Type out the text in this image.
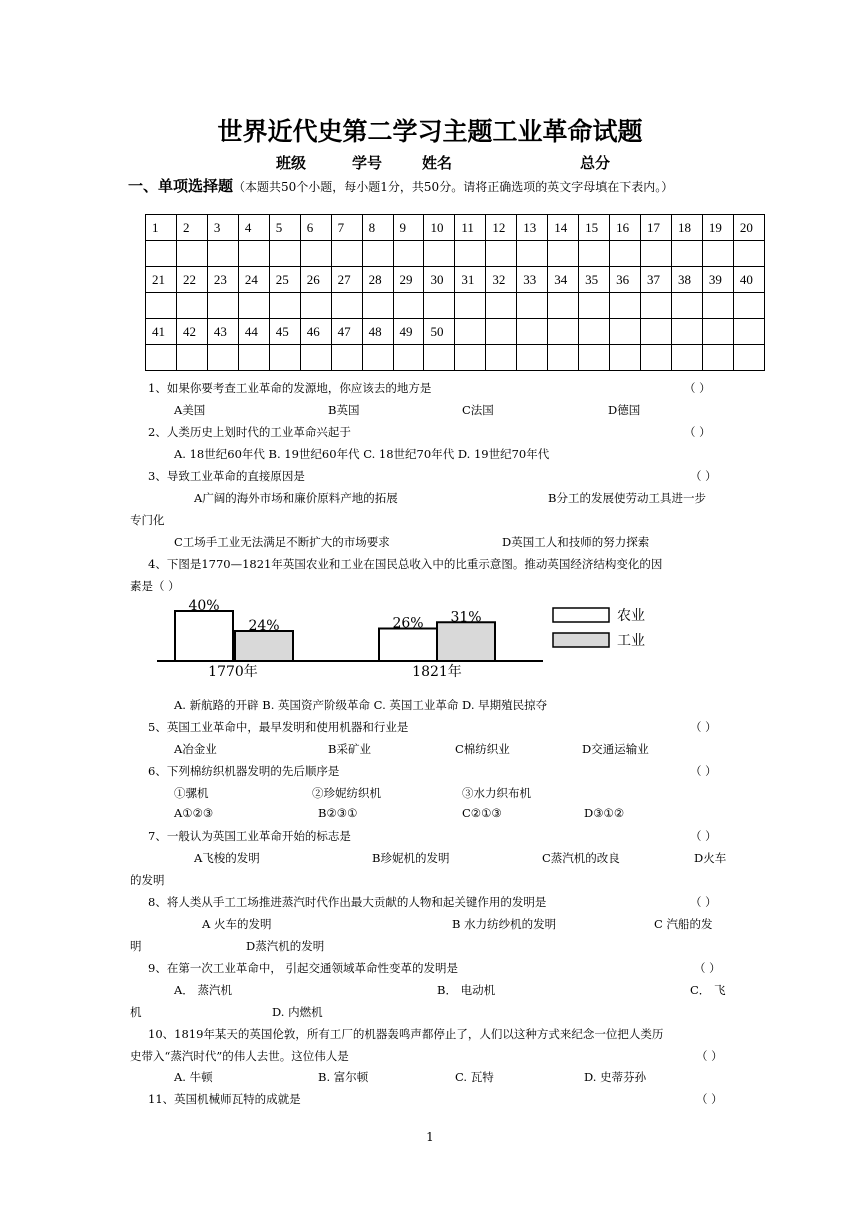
世界近代史第二学习主题工业革命试题
班级	学号	姓名	总分
一、单项选择题（本题共50个小题，每小题1分，共50分。请将正确选项的英文字母填在下表内。）
1	2	3	4	5	6	7	8	9	10	11	12	13	14	15	16	17	18	19	20

21	22	23	24	25	26	27	28	29	30	31	32	33	34	35	36	37	38	39	40

41	42	43	44	45	46	47	48	49	50										

1、如果你要考查工业革命的发源地，你应该去的地方是	（ ）
A美国	B英国	C法国	D德国
2、人类历史上划时代的工业革命兴起于	（ ）
A. 18世纪60年代 B. 19世纪60年代 C. 18世纪70年代 D. 19世纪70年代
3、导致工业革命的直接原因是	（ ）
A广阔的海外市场和廉价原料产地的拓展	B分工的发展使劳动工具进一步
专门化
C工场手工业无法满足不断扩大的市场要求	D英国工人和技师的努力探索
4、下图是1770—1821年英国农业和工业在国民总收入中的比重示意图。推动英国经济结构变化的因
素是（ ）
A. 新航路的开辟 B. 英国资产阶级革命 C. 英国工业革命 D. 早期殖民掠夺
5、英国工业革命中，最早发明和使用机器和行业是	（ ）
A冶金业	B采矿业	C棉纺织业	D交通运输业
6、下列棉纺织机器发明的先后顺序是	（ ）
①骡机	②珍妮纺织机	③水力织布机
A①②③	B②③①	C②①③	D③①②
7、一般认为英国工业革命开始的标志是	（ ）
A飞梭的发明	B珍妮机的发明	C蒸汽机的改良	D火车
的发明
8、将人类从手工工场推进蒸汽时代作出最大贡献的人物和起关键作用的发明是	（ ）
A 火车的发明	B 水力纺纱机的发明	C 汽船的发
明	D蒸汽机的发明
9、在第一次工业革命中， 引起交通领域革命性变革的发明是	（ ）
A． 蒸汽机	B． 电动机	C． 飞
机	D. 内燃机
10、1819年某天的英国伦敦，所有工厂的机器轰鸣声都停止了，人们以这种方式来纪念一位把人类历
史带入“蒸汽时代”的伟人去世。这位伟人是	（ ）
A. 牛顿	B. 富尔顿	C. 瓦特	D. 史蒂芬孙
11、英国机械师瓦特的成就是	（ ）
40%
24%
1770年
26% 31%
1821年
农业
工业
1
